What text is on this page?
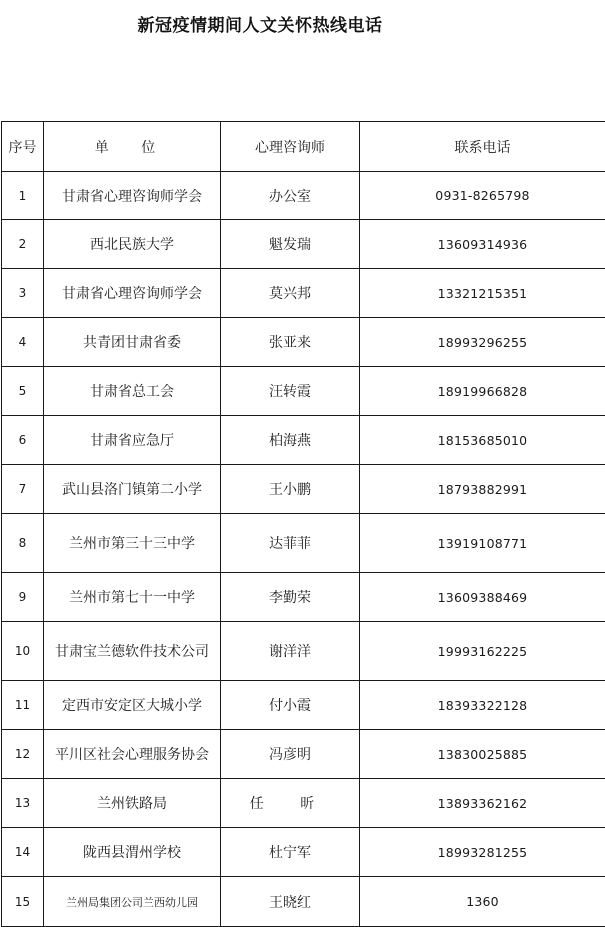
新冠疫情期间人文关怀热线电话
序号	单 位	心理咨询师	联系电话
1	甘肃省心理咨询师学会	办公室	0931-8265798
2	西北民族大学	魁发瑞	13609314936
3	甘肃省心理咨询师学会	莫兴邦	13321215351
4	共青团甘肃省委	张亚来	18993296255
5	甘肃省总工会	汪转霞	18919966828
6	甘肃省应急厅	柏海燕	18153685010
7	武山县洛门镇第二小学	王小鹏	18793882991
8	兰州市第三十三中学	达菲菲	13919108771
9	兰州市第七十一中学	李勤荣	13609388469
10	甘肃宝兰德软件技术公司	谢洋洋	19993162225
11	定西市安定区大城小学	付小霞	18393322128
12	平川区社会心理服务协会	冯彦明	13830025885
13	兰州铁路局	任 昕	13893362162
14	陇西县渭州学校	杜宁军	18993281255
15	兰州局集团公司兰西幼儿园	王晓红	1360
